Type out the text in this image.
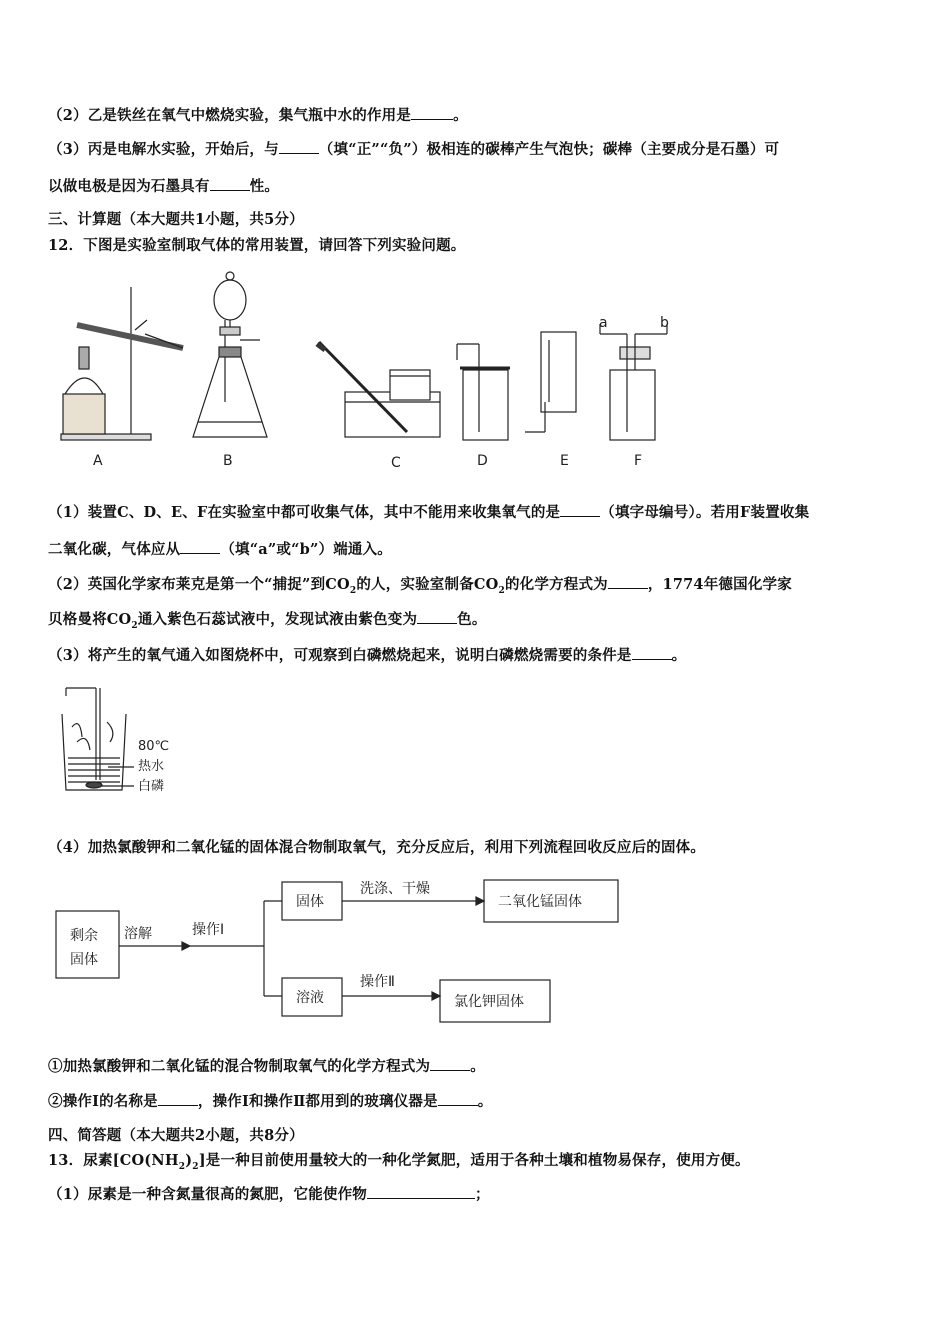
（2）乙是铁丝在氧气中燃烧实验，集气瓶中水的作用是	。
（3）丙是电解水实验，开始后，与	（填“正”“负”）极相连的碳棒产生气泡快；碳棒（主要成分是石墨）可
以做电极是因为石墨具有	性。
三、计算题（本大题共1小题，共5分）
12．下图是实验室制取气体的常用装置，请回答下列实验问题。
A	B	C	D	E	F
a	b
（1）装置C、D、E、F在实验室中都可收集气体，其中不能用来收集氧气的是	（填字母编号）。若用F装置收集
二氧化碳，气体应从	（填“a”或“b”）端通入。
（2）英国化学家布莱克是第一个“捕捉”到$CO_2$的人，实验室制备$CO_2$的化学方程式为	，1774年德国化学家
贝格曼将$CO_2$通入紫色石蕊试液中，发现试液由紫色变为	色。
（3）将产生的氧气通入如图烧杯中，可观察到白磷燃烧起来，说明白磷燃烧需要的条件是	。
80℃
热水
白磷
（4）加热氯酸钾和二氧化锰的固体混合物制取氧气，充分反应后，利用下列流程回收反应后的固体。
剩余
固体
溶解	操作Ⅰ
固体
洗涤、干燥
二氧化锰固体
溶液
操作Ⅱ
氯化钾固体
①加热氯酸钾和二氧化锰的混合物制取氧气的化学方程式为	。
②操作Ⅰ的名称是	，操作Ⅰ和操作Ⅱ都用到的玻璃仪器是	。
四、简答题（本大题共2小题，共8分）
13．尿素$[CO(NH_2)_2]$是一种目前使用量较大的一种化学氮肥，适用于各种土壤和植物易保存，使用方便。
（1）尿素是一种含氮量很高的氮肥，它能使作物	；
